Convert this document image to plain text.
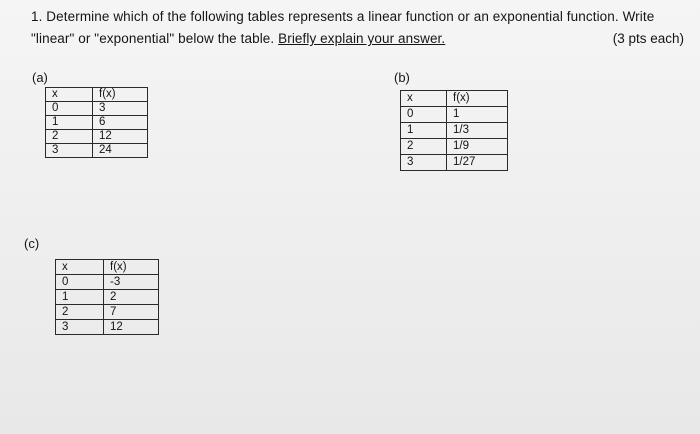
1. Determine which of the following tables represents a linear function or an exponential function. Write
"linear" or "exponential" below the table. Briefly explain your answer.	(3 pts each)
(a)
x	f(x)
0	3
1	6
2	12
3	24
(b)
x	f(x)
0	1
1	1/3
2	1/9
3	1/27
(c)
x	f(x)
0	-3
1	2
2	7
3	12
